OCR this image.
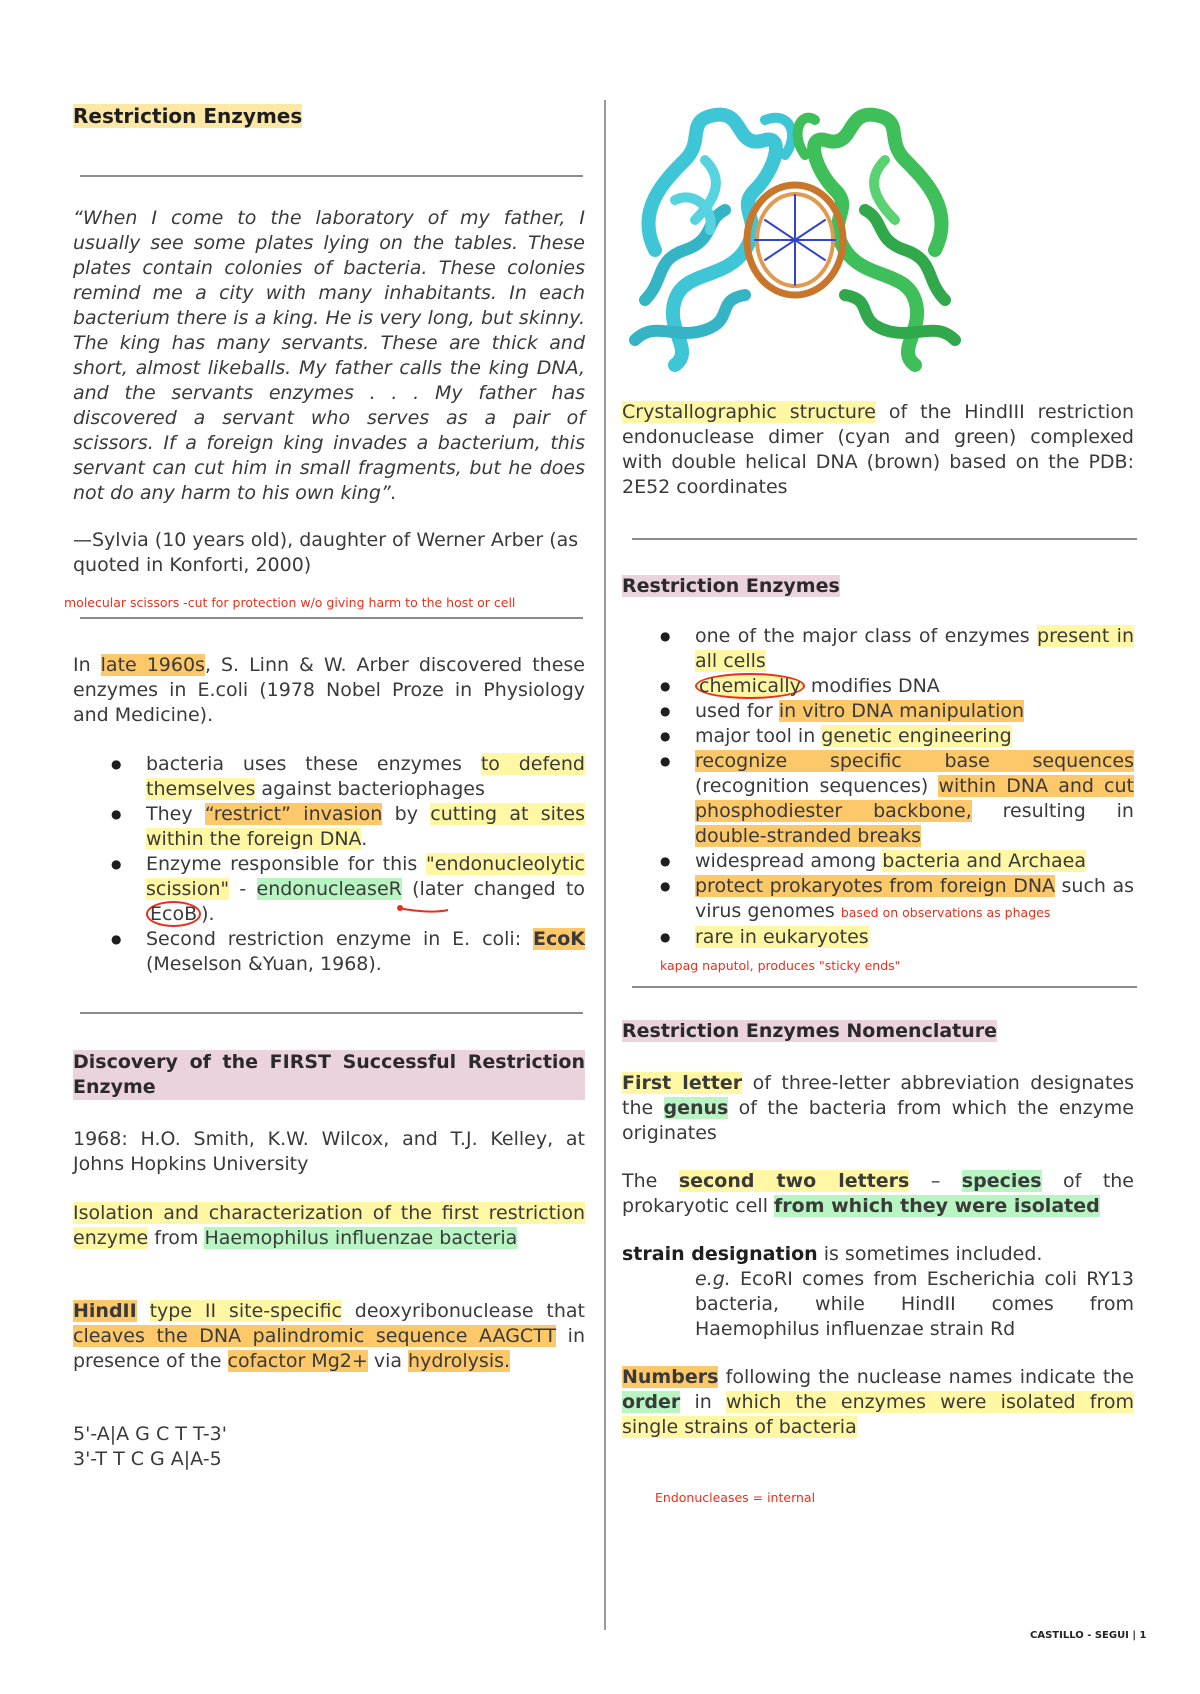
Restriction Enzymes
“When I come to the laboratory of my father, I usually see some plates lying on the tables. These plates contain colonies of bacteria. These colonies remind me a city with many inhabitants. In each bacterium there is a king. He is very long, but skinny. The king has many servants. These are thick and short, almost likeballs. My father calls the king DNA, and the servants enzymes . . . My father has discovered a servant who serves as a pair of scissors. If a foreign king invades a bacterium, this servant can cut him in small fragments, but he does not do any harm to his own king”.
—Sylvia (10 years old), daughter of Werner Arber (as quoted in Konforti, 2000)
molecular scissors -cut for protection w/o giving harm to the host or cell

In late 1960s, S. Linn & W. Arber discovered these enzymes in E.coli (1978 Nobel Proze in Physiology and Medicine).

● bacteria uses these enzymes to defend themselves against bacteriophages
● They “restrict” invasion by cutting at sites within the foreign DNA.
● Enzyme responsible for this "endonucleolytic scission" - endonucleaseR (later changed to EcoB ).
● Second restriction enzyme in E. coli: EcoK (Meselson &Yuan, 1968).
Discovery of the FIRST Successful Restriction Enzyme

1968: H.O. Smith, K.W. Wilcox, and T.J. Kelley, at Johns Hopkins University

Isolation and characterization of the first restriction enzyme from Haemophilus influenzae bacteria

HindII type II site-specific deoxyribonuclease that cleaves the DNA palindromic sequence AAGCTT in presence of the cofactor Mg2+ via hydrolysis.

5'-A|A G C T T-3'
3'-T T C G A|A-5

Crystallographic structure of the HindIII restriction endonuclease dimer (cyan and green) complexed with double helical DNA (brown) based on the PDB: 2E52 coordinates

Restriction Enzymes
● one of the major class of enzymes present in all cells
● chemically modifies DNA
● used for in vitro DNA manipulation
● major tool in genetic engineering
● recognize specific base sequences (recognition sequences) within DNA and cut phosphodiester backbone, resulting in double-stranded breaks
● widespread among bacteria and Archaea
● protect prokaryotes from foreign DNA such as virus genomes based on observations as phages
● rare in eukaryotes
kapag naputol, produces "sticky ends"
Restriction Enzymes Nomenclature

First letter of three-letter abbreviation designates the genus of the bacteria from which the enzyme originates

The second two letters – species of the prokaryotic cell from which they were isolated

strain designation is sometimes included.

e.g. EcoRI comes from Escherichia coli RY13 bacteria, while HindII comes from Haemophilus influenzae strain Rd

Numbers following the nuclease names indicate the order in which the enzymes were isolated from single strains of bacteria

Endonucleases = internal
CASTILLO - SEGUI | 1
